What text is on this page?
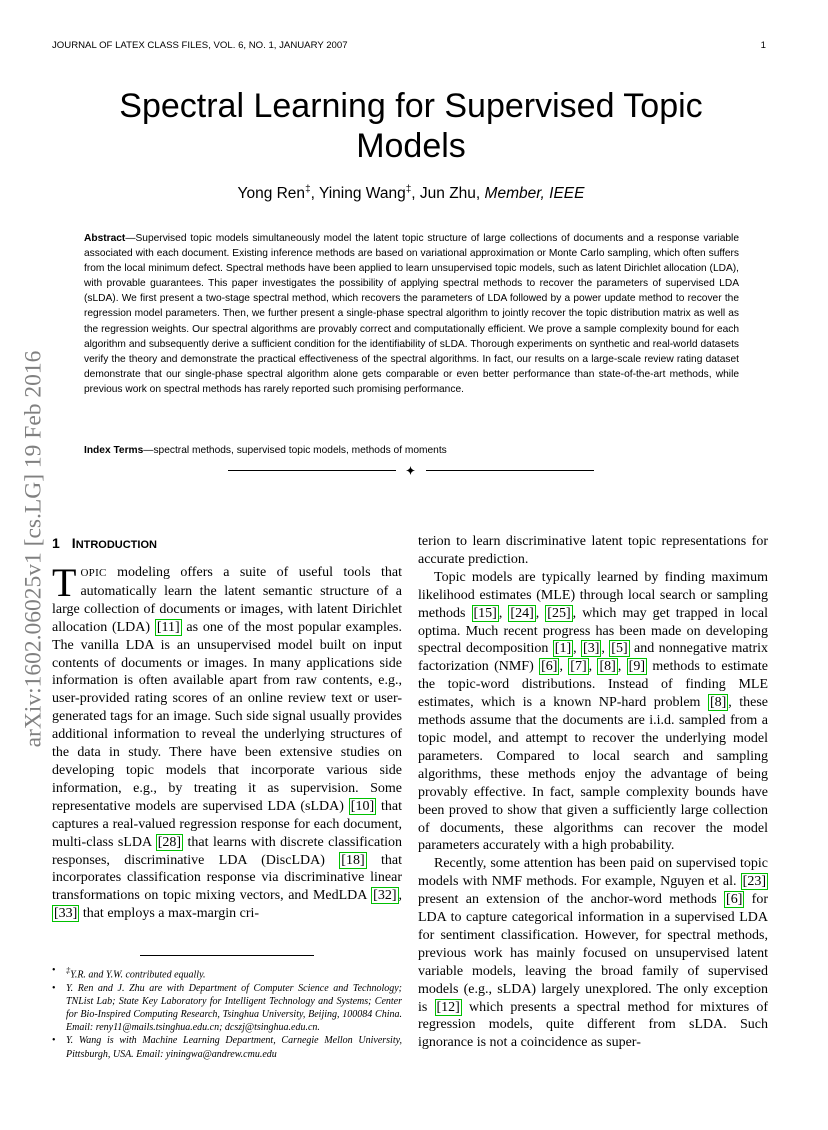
JOURNAL OF LATEX CLASS FILES, VOL. 6, NO. 1, JANUARY 2007	1
arXiv:1602.06025v1 [cs.LG] 19 Feb 2016
Spectral Learning for Supervised Topic Models
Yong Ren‡, Yining Wang‡, Jun Zhu, Member, IEEE

Abstract—Supervised topic models simultaneously model the latent topic structure of large collections of documents and a response variable associated with each document. Existing inference methods are based on variational approximation or Monte Carlo sampling, which often suffers from the local minimum defect. Spectral methods have been applied to learn unsupervised topic models, such as latent Dirichlet allocation (LDA), with provable guarantees. This paper investigates the possibility of applying spectral methods to recover the parameters of supervised LDA (sLDA). We first present a two-stage spectral method, which recovers the parameters of LDA followed by a power update method to recover the regression model parameters. Then, we further present a single-phase spectral algorithm to jointly recover the topic distribution matrix as well as the regression weights. Our spectral algorithms are provably correct and computationally efficient. We prove a sample complexity bound for each algorithm and subsequently derive a sufficient condition for the identifiability of sLDA. Thorough experiments on synthetic and real-world datasets verify the theory and demonstrate the practical effectiveness of the spectral algorithms. In fact, our results on a large-scale review rating dataset demonstrate that our single-phase spectral algorithm alone gets comparable or even better performance than state-of-the-art methods, while previous work on spectral methods has rarely reported such promising performance.

Index Terms—spectral methods, supervised topic models, methods of moments

1 INTRODUCTION

TOPIC modeling offers a suite of useful tools that automatically learn the latent semantic structure of a large collection of documents or images, with latent Dirichlet allocation (LDA) [11] as one of the most popular examples. The vanilla LDA is an unsupervised model built on input contents of documents or images. In many applications side information is often available apart from raw contents, e.g., user-provided rating scores of an online review text or user-generated tags for an image. Such side signal usually provides additional information to reveal the underlying structures of the data in study. There have been extensive studies on developing topic models that incorporate various side information, e.g., by treating it as supervision. Some representative models are supervised LDA (sLDA) [10] that captures a real-valued regression response for each document, multi-class sLDA [28] that learns with discrete classification responses, discriminative LDA (DiscLDA) [18] that incorporates classification response via discriminative linear transformations on topic mixing vectors, and MedLDA [32] , [33] that employs a max-margin cri-

terion to learn discriminative latent topic representations for accurate prediction.

Topic models are typically learned by finding maximum likelihood estimates (MLE) through local search or sampling methods [15] , [24] , [25] , which may get trapped in local optima. Much recent progress has been made on developing spectral decomposition [1] , [3] , [5] and nonnegative matrix factorization (NMF) [6] , [7] , [8] , [9] methods to estimate the topic-word distributions. Instead of finding MLE estimates, which is a known NP-hard problem [8] , these methods assume that the documents are i.i.d. sampled from a topic model, and attempt to recover the underlying model parameters. Compared to local search and sampling algorithms, these methods enjoy the advantage of being provably effective. In fact, sample complexity bounds have been proved to show that given a sufficiently large collection of documents, these algorithms can recover the model parameters accurately with a high probability.

Recently, some attention has been paid on supervised topic models with NMF methods. For example, Nguyen et al. [23] present an extension of the anchor-word methods [6] for LDA to capture categorical information in a supervised LDA for sentiment classification. However, for spectral methods, previous work has mainly focused on unsupervised latent variable models, leaving the broad family of supervised models (e.g., sLDA) largely unexplored. The only exception is [12] which presents a spectral method for mixtures of regression models, quite different from sLDA. Such ignorance is not a coincidence as super-

• ‡Y.R. and Y.W. contributed equally.
• Y. Ren and J. Zhu are with Department of Computer Science and Technology; TNList Lab; State Key Laboratory for Intelligent Technology and Systems; Center for Bio-Inspired Computing Research, Tsinghua University, Beijing, 100084 China. Email: reny11@mails.tsinghua.edu.cn; dcszj@tsinghua.edu.cn.
• Y. Wang is with Machine Learning Department, Carnegie Mellon University, Pittsburgh, USA. Email: yiningwa@andrew.cmu.edu
